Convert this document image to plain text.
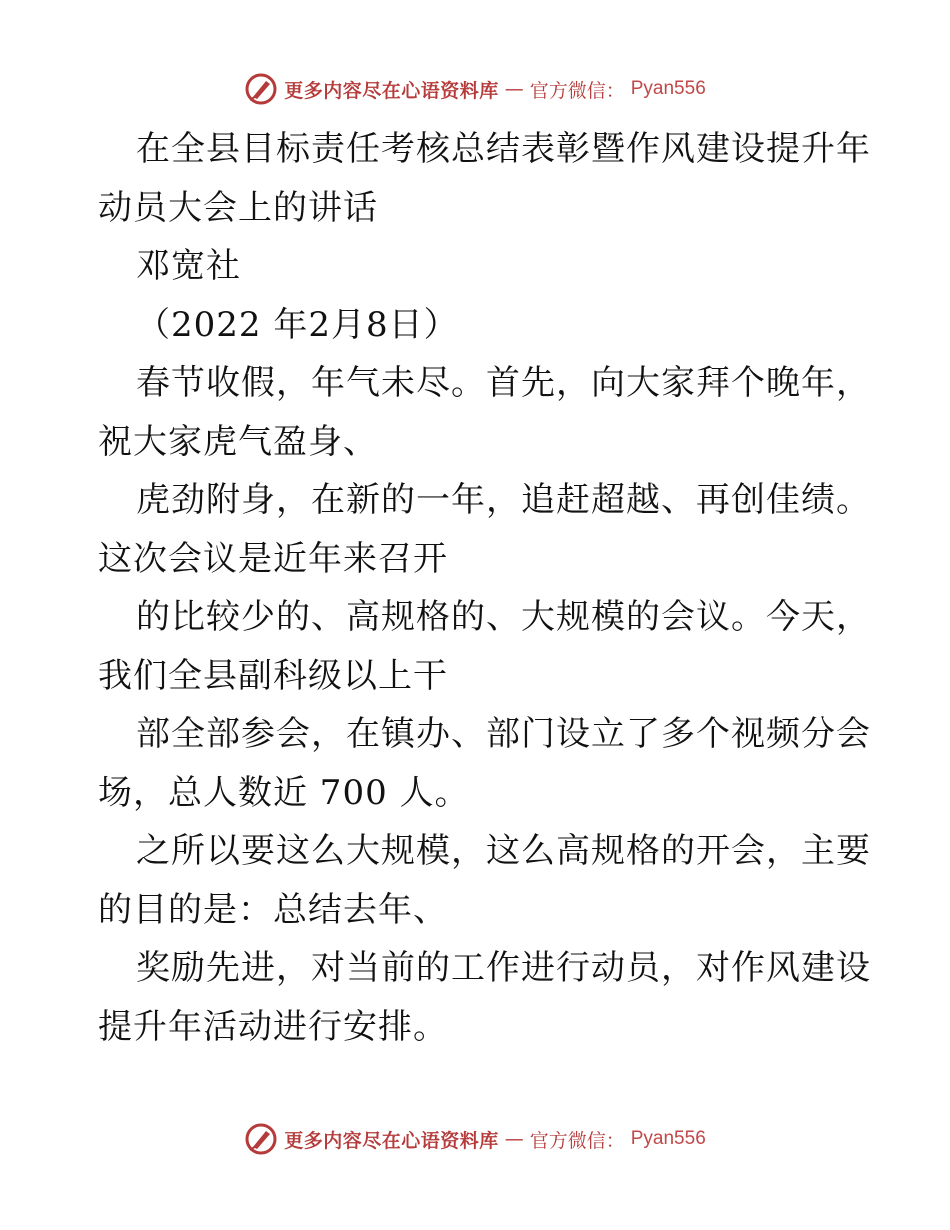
更多内容尽在心语资料库 — 官方微信： Pyan556
在全县目标责任考核总结表彰暨作风建设提升年
动员大会上的讲话
邓宽社
（2022 年2月8日）
春节收假，年气未尽。首先，向大家拜个晚年，
祝大家虎气盈身、
虎劲附身，在新的一年，追赶超越、再创佳绩。
这次会议是近年来召开
的比较少的、高规格的、大规模的会议。今天，
我们全县副科级以上干
部全部参会，在镇办、部门设立了多个视频分会
场，总人数近 700 人。
之所以要这么大规模，这么高规格的开会，主要
的目的是：总结去年、
奖励先进，对当前的工作进行动员，对作风建设
提升年活动进行安排。
更多内容尽在心语资料库 — 官方微信： Pyan556
